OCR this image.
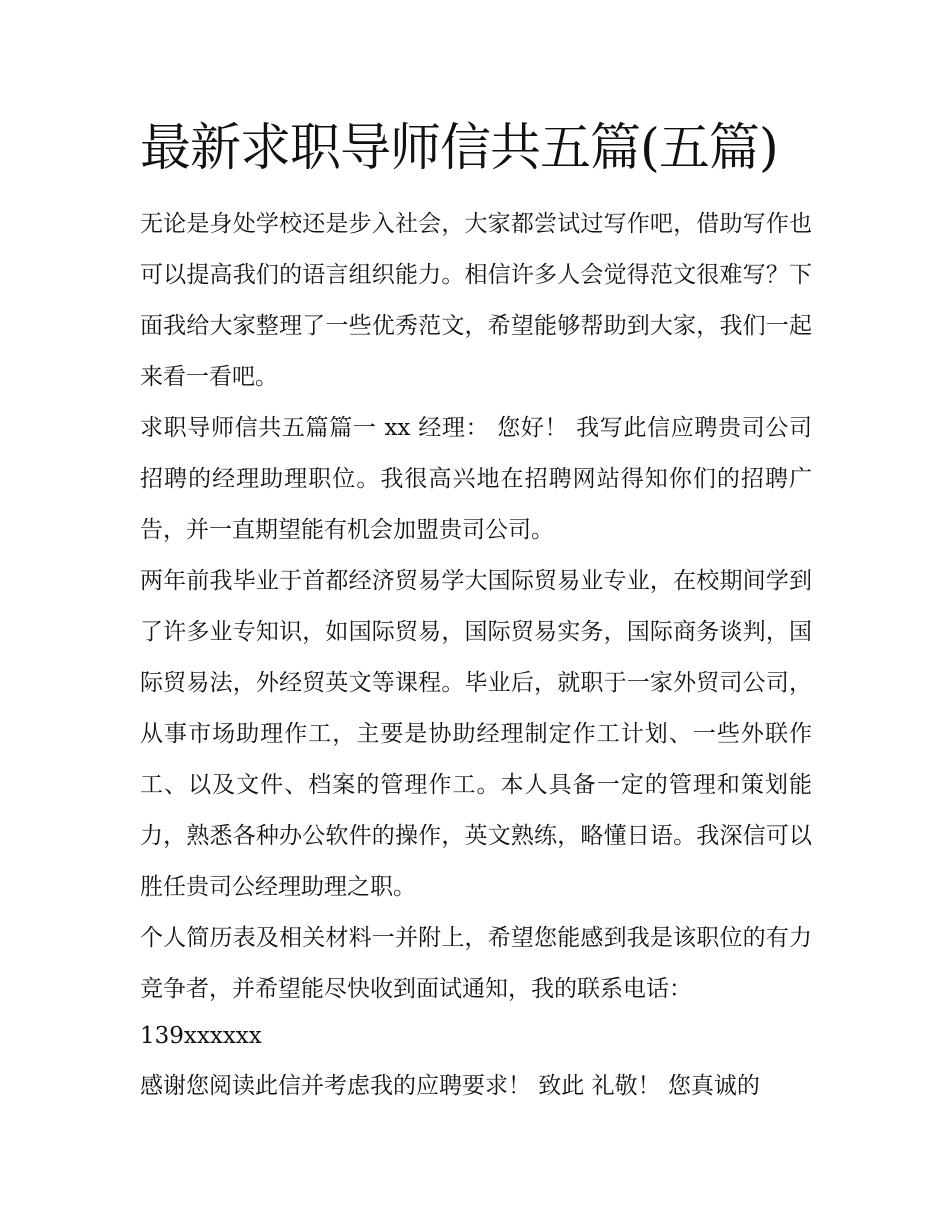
最新求职导师信共五篇(五篇)

无论是身处学校还是步入社会，大家都尝试过写作吧，借助写作也可以提高我们的语言组织能力。相信许多人会觉得范文很难写？下面我给大家整理了一些优秀范文，希望能够帮助到大家，我们一起来看一看吧。

求职导师信共五篇篇一 xx 经理： 您好！ 我写此信应聘贵司公司招聘的经理助理职位。我很高兴地在招聘网站得知你们的招聘广告，并一直期望能有机会加盟贵司公司。

两年前我毕业于首都经济贸易学大国际贸易业专业，在校期间学到了许多业专知识，如国际贸易，国际贸易实务，国际商务谈判，国际贸易法，外经贸英文等课程。毕业后，就职于一家外贸司公司，从事市场助理作工，主要是协助经理制定作工计划、一些外联作工、以及文件、档案的管理作工。本人具备一定的管理和策划能力，熟悉各种办公软件的操作，英文熟练，略懂日语。我深信可以胜任贵司公经理助理之职。

个人简历表及相关材料一并附上，希望您能感到我是该职位的有力竞争者，并希望能尽快收到面试通知，我的联系电话：

139xxxxxx

感谢您阅读此信并考虑我的应聘要求！ 致此 礼敬！ 您真诚的
